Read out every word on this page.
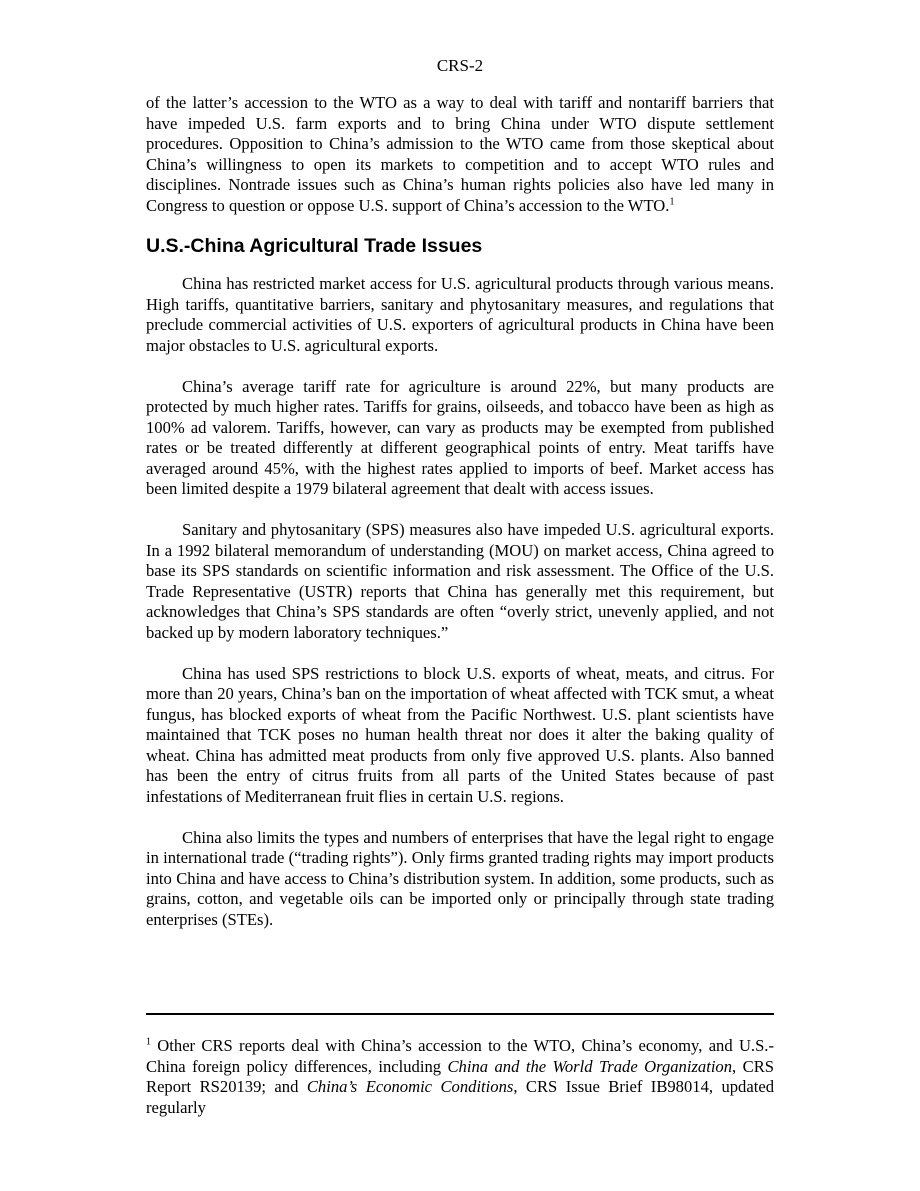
CRS-2

of the latter’s accession to the WTO as a way to deal with tariff and nontariff barriers that have impeded U.S. farm exports and to bring China under WTO dispute settlement procedures. Opposition to China’s admission to the WTO came from those skeptical about China’s willingness to open its markets to competition and to accept WTO rules and disciplines. Nontrade issues such as China’s human rights policies also have led many in Congress to question or oppose U.S. support of China’s accession to the WTO.$^1$

U.S.-China Agricultural Trade Issues

China has restricted market access for U.S. agricultural products through various means. High tariffs, quantitative barriers, sanitary and phytosanitary measures, and regulations that preclude commercial activities of U.S. exporters of agricultural products in China have been major obstacles to U.S. agricultural exports.

China’s average tariff rate for agriculture is around 22%, but many products are protected by much higher rates. Tariffs for grains, oilseeds, and tobacco have been as high as 100% ad valorem. Tariffs, however, can vary as products may be exempted from published rates or be treated differently at different geographical points of entry. Meat tariffs have averaged around 45%, with the highest rates applied to imports of beef. Market access has been limited despite a 1979 bilateral agreement that dealt with access issues.

Sanitary and phytosanitary (SPS) measures also have impeded U.S. agricultural exports. In a 1992 bilateral memorandum of understanding (MOU) on market access, China agreed to base its SPS standards on scientific information and risk assessment. The Office of the U.S. Trade Representative (USTR) reports that China has generally met this requirement, but acknowledges that China’s SPS standards are often “overly strict, unevenly applied, and not backed up by modern laboratory techniques.”

China has used SPS restrictions to block U.S. exports of wheat, meats, and citrus. For more than 20 years, China’s ban on the importation of wheat affected with TCK smut, a wheat fungus, has blocked exports of wheat from the Pacific Northwest. U.S. plant scientists have maintained that TCK poses no human health threat nor does it alter the baking quality of wheat. China has admitted meat products from only five approved U.S. plants. Also banned has been the entry of citrus fruits from all parts of the United States because of past infestations of Mediterranean fruit flies in certain U.S. regions.

China also limits the types and numbers of enterprises that have the legal right to engage in international trade (“trading rights”). Only firms granted trading rights may import products into China and have access to China’s distribution system. In addition, some products, such as grains, cotton, and vegetable oils can be imported only or principally through state trading enterprises (STEs).

$^1$ Other CRS reports deal with China’s accession to the WTO, China’s economy, and U.S.-China foreign policy differences, including China and the World Trade Organization, CRS Report RS20139; and China’s Economic Conditions, CRS Issue Brief IB98014, updated regularly
